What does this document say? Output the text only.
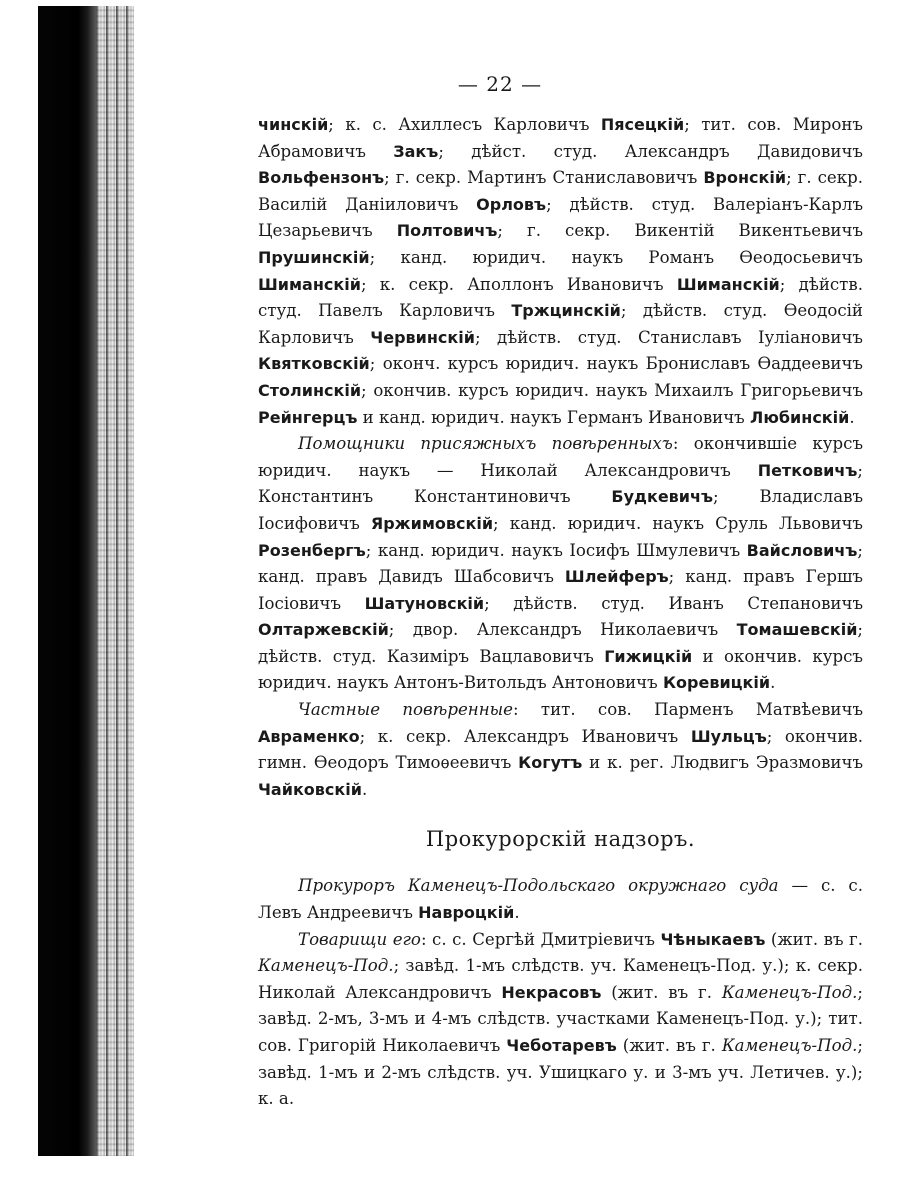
— 22 —

чинскій; к. с. Ахиллесъ Карловичъ Пясецкій; тит. сов. Миронъ Абрамовичъ Закъ; дѣйст. студ. Александръ Давидовичъ Вольфензонъ; г. секр. Мартинъ Станиславовичъ Вронскій; г. секр. Василій Даніиловичъ Орловъ; дѣйств. студ. Валеріанъ-Карлъ Цезарьевичъ Полтовичъ; г. секр. Викентій Викентьевичъ Прушинскій; канд. юридич. наукъ Романъ Ѳеодосьевичъ Шиманскій; к. секр. Аполлонъ Ивановичъ Шиманскій; дѣйств. студ. Павелъ Карловичъ Тржцинскій; дѣйств. студ. Ѳеодосій Карловичъ Червинскій; дѣйств. студ. Станиславъ Іуліановичъ Квятковскій; оконч. курсъ юридич. наукъ Брониславъ Ѳаддеевичъ Столинскій; окончив. курсъ юридич. наукъ Михаилъ Григорьевичъ Рейнгерцъ и канд. юридич. наукъ Германъ Ивановичъ Любинскій.

Помощники присяжныхъ повѣренныхъ: окончившіе курсъ юридич. наукъ — Николай Александровичъ Петковичъ; Константинъ Константиновичъ Будкевичъ; Владиславъ Іосифовичъ Яржимовскій; канд. юридич. наукъ Сруль Львовичъ Розенбергъ; канд. юридич. наукъ Іосифъ Шмулевичъ Вайсловичъ; канд. правъ Давидъ Шабсовичъ Шлейферъ; канд. правъ Гершъ Іосіовичъ Шатуновскій; дѣйств. студ. Иванъ Степановичъ Олтаржевскій; двор. Александръ Николаевичъ Томашевскій; дѣйств. студ. Казиміръ Вацлавовичъ Гижицкій и окончив. курсъ юридич. наукъ Антонъ-Витольдъ Антоновичъ Коревицкій.

Частные повѣренные: тит. сов. Парменъ Матвѣевичъ Авраменко; к. секр. Александръ Ивановичъ Шульцъ; окончив. гимн. Ѳеодоръ Тимоѳеевичъ Когутъ и к. рег. Людвигъ Эразмовичъ Чайковскій.

Прокурорскій надзоръ.

Прокуроръ Каменецъ-Подольскаго окружнаго суда — с. с. Левъ Андреевичъ Навроцкій.

Товарищи его: с. с. Сергѣй Дмитріевичъ Чѣныкаевъ (жит. въ г. Каменецъ-Под.; завѣд. 1-мъ слѣдств. уч. Каменецъ-Под. у.); к. секр. Николай Александровичъ Некрасовъ (жит. въ г. Каменецъ-Под.; завѣд. 2-мъ, 3-мъ и 4-мъ слѣдств. участками Каменецъ-Под. у.); тит. сов. Григорій Николаевичъ Чеботаревъ (жит. въ г. Каменецъ-Под.; завѣд. 1-мъ и 2-мъ слѣдств. уч. Ушицкаго у. и 3-мъ уч. Летичев. у.); к. а.
